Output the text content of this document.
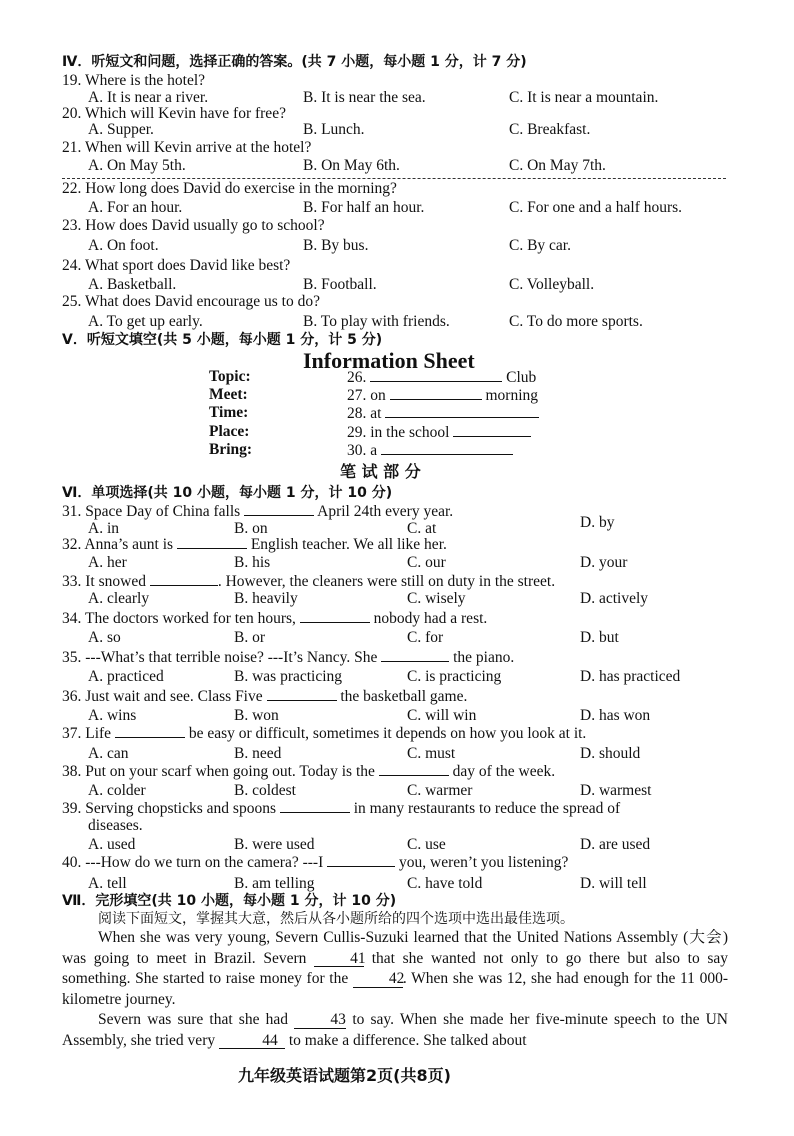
Ⅳ．听短文和问题，选择正确的答案。(共 7 小题，每小题 1 分，计 7 分)
19. Where is the hotel?
A. It is near a river.	B. It is near the sea.	C. It is near a mountain.
20. Which will Kevin have for free?
A. Supper.	B. Lunch.	C. Breakfast.
21. When will Kevin arrive at the hotel?
A. On May 5th.	B. On May 6th.	C. On May 7th.
22. How long does David do exercise in the morning?
A. For an hour.	B. For half an hour.	C. For one and a half hours.
23. How does David usually go to school?
A. On foot.	B. By bus.	C. By car.
24. What sport does David like best?
A. Basketball.	B. Football.	C. Volleyball.
25. What does David encourage us to do?
A. To get up early.	B. To play with friends.	C. To do more sports.
Ⅴ．听短文填空(共 5 小题，每小题 1 分，计 5 分)
Information Sheet
Topic:	26.	Club
Meet:	27. on	morning
Time:	28. at
Place:	29. in the school
Bring:	30. a
笔 试 部 分
Ⅵ．单项选择(共 10 小题，每小题 1 分，计 10 分)
31. Space Day of China falls	April 24th every year.
A. in	B. on	C. at	D. by
32. Anna’s aunt is	English teacher. We all like her.
A. her	B. his	C. our	D. your
33. It snowed	. However, the cleaners were still on duty in the street.
A. clearly	B. heavily	C. wisely	D. actively
34. The doctors worked for ten hours,	nobody had a rest.
A. so	B. or	C. for	D. but
35. ---What’s that terrible noise? ---It’s Nancy. She	the piano.
A. practiced	B. was practicing	C. is practicing	D. has practiced
36. Just wait and see. Class Five	the basketball game.
A. wins	B. won	C. will win	D. has won
37. Life	be easy or difficult, sometimes it depends on how you look at it.
A. can	B. need	C. must	D. should
38. Put on your scarf when going out. Today is the	day of the week.
A. colder	B. coldest	C. warmer	D. warmest
39. Serving chopsticks and spoons	in many restaurants to reduce the spread of
diseases.
A. used	B. were used	C. use	D. are used
40. ---How do we turn on the camera? ---I	you, weren’t you listening?
A. tell	B. am telling	C. have told	D. will tell
Ⅶ．完形填空(共 10 小题，每小题 1 分，计 10 分)
阅读下面短文，掌握其大意，然后从各小题所给的四个选项中选出最佳选项。

When she was very young, Severn Cullis-Suzuki learned that the United Nations Assembly (大会) was going to meet in Brazil. Severn	41 that she wanted not only to go there but also to say something. She started to raise money for the	42. When she was 12, she had enough for the 11 000-kilometre journey.

Severn was sure that she had	43 to say. When she made her five-minute speech to the UN Assembly, she tried very	44 to make a difference. She talked about

九年级英语试题第2页(共8页)
